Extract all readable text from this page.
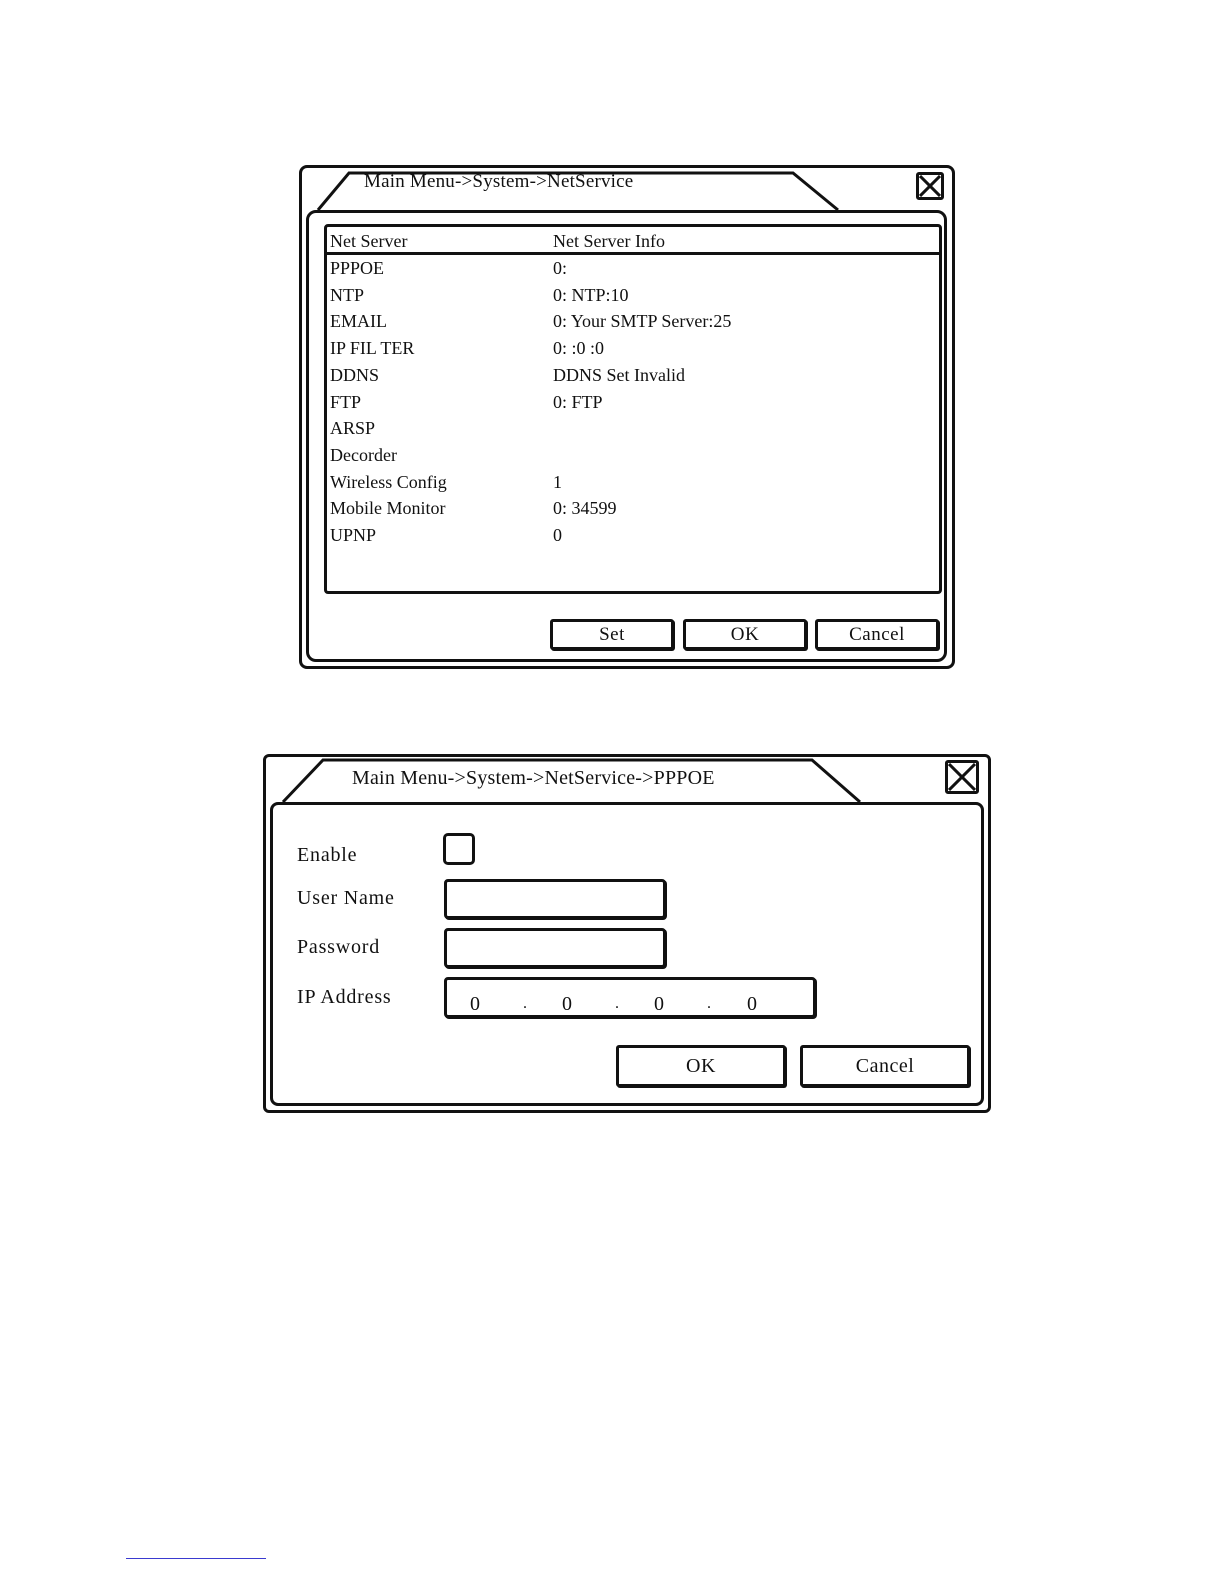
Main Menu->System->NetService
Net Server	Net Server Info
PPPOE	0:
NTP	0: NTP:10
EMAIL	0: Your SMTP Server:25
IP FIL TER	0: :0 :0
DDNS	DDNS Set Invalid
FTP	0: FTP
ARSP
Decorder
Wireless Config	1
Mobile Monitor	0: 34599
UPNP	0
Set	OK	Cancel
Main Menu->System->NetService->PPPOE
Enable
User Name
Password
IP Address	0	. 0	. 0	. 0
OK	Cancel
